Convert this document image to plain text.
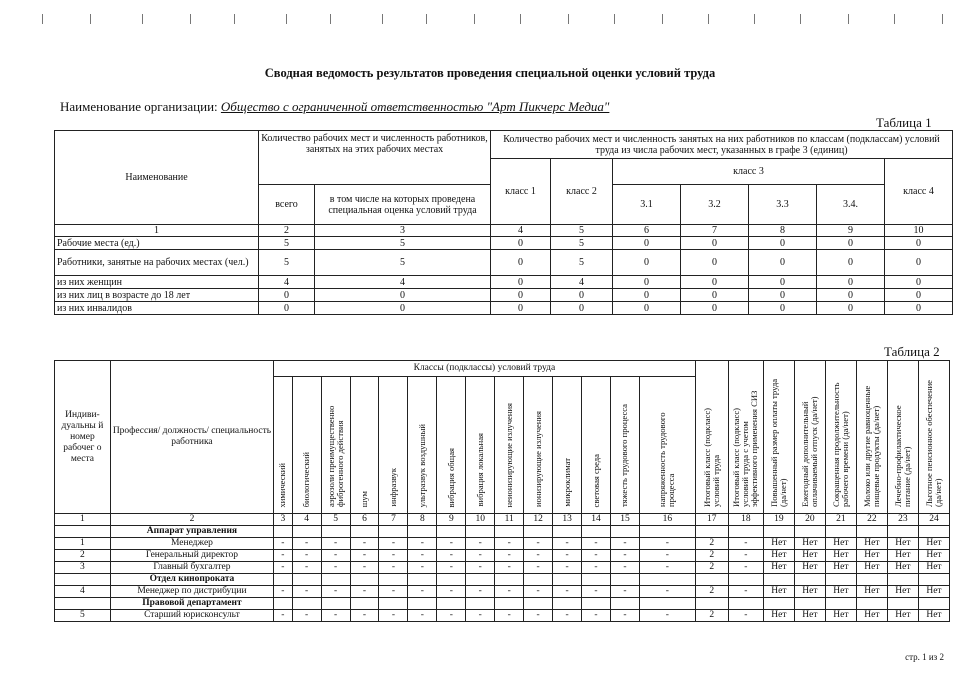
Сводная ведомость результатов проведения специальной оценки условий труда
Наименование организации: Общество с ограниченной ответственностью "Арт Пикчерс Медиа"
Таблица 1
Наименование	Количество рабочих мест и численность работников, занятых на этих рабочих местах		Количество рабочих мест и численность занятых на них работников по классам (подклассам) условий труда из числа рабочих мест, указанных в графе 3 (единиц)						
			класс 1	класс 2	класс 3				класс 4
	всего	в том числе на которых проведена специальная оценка условий труда			3.1	3.2	3.3	3.4.	
1	2	3	4	5	6	7	8	9	10
Рабочие места (ед.)	5	5	0	5	0	0	0	0	0
Работники, занятые на рабочих местах (чел.)	5	5	0	5	0	0	0	0	0
из них женщин	4	4	0	4	0	0	0	0	0
из них лиц в возрасте до 18 лет	0	0	0	0	0	0	0	0	0
из них инвалидов	0	0	0	0	0	0	0	0	0
Таблица 2
Индиви-дуальны й номер рабочег о места	Профессия/ должность/ специальность работника	Классы (подклассы) условий труда														Итоговый класс (подкласс) условий труда	Итоговый класс (подкласс) условий труда с учетом эффективного применения СИЗ	Повышенный размер оплаты труда (да/нет)	Ежегодный дополнительный оплачиваемый отпуск (да/нет)	Сокращенная продолжительность рабочего времени (да/нет)	Молоко или другие равноценные пищевые продукты (да/нет)	Лечебно-профилактическое питание (да/нет)	Льготное пенсионное обеспечение (да/нет)
		химический	биологический	аэрозоли преимущественно фиброгенного действия	шум	инфразвук	ультразвук воздушный	вибрация общая	вибрация локальная	неионизирующие излучения	ионизирующие излучения	микроклимат	световая среда	тяжесть трудового процесса	напряженность трудового процесса								
1	2	3	4	5	6	7	8	9	10	11	12	13	14	15	16	17	18	19	20	21	22	23	24
	Аппарат управления																						
1	Менеджер	-	-	-	-	-	-	-	-	-	-	-	-	-	-	2	-	Нет	Нет	Нет	Нет	Нет	Нет
2	Генеральный директор	-	-	-	-	-	-	-	-	-	-	-	-	-	-	2	-	Нет	Нет	Нет	Нет	Нет	Нет
3	Главный бухгалтер	-	-	-	-	-	-	-	-	-	-	-	-	-	-	2	-	Нет	Нет	Нет	Нет	Нет	Нет
	Отдел кинопроката																						
4	Менеджер по дистрибуции	-	-	-	-	-	-	-	-	-	-	-	-	-	-	2	-	Нет	Нет	Нет	Нет	Нет	Нет
	Правовой департамент																						
5	Старший юрисконсульт	-	-	-	-	-	-	-	-	-	-	-	-	-	-	2	-	Нет	Нет	Нет	Нет	Нет	Нет
стр. 1 из 2
